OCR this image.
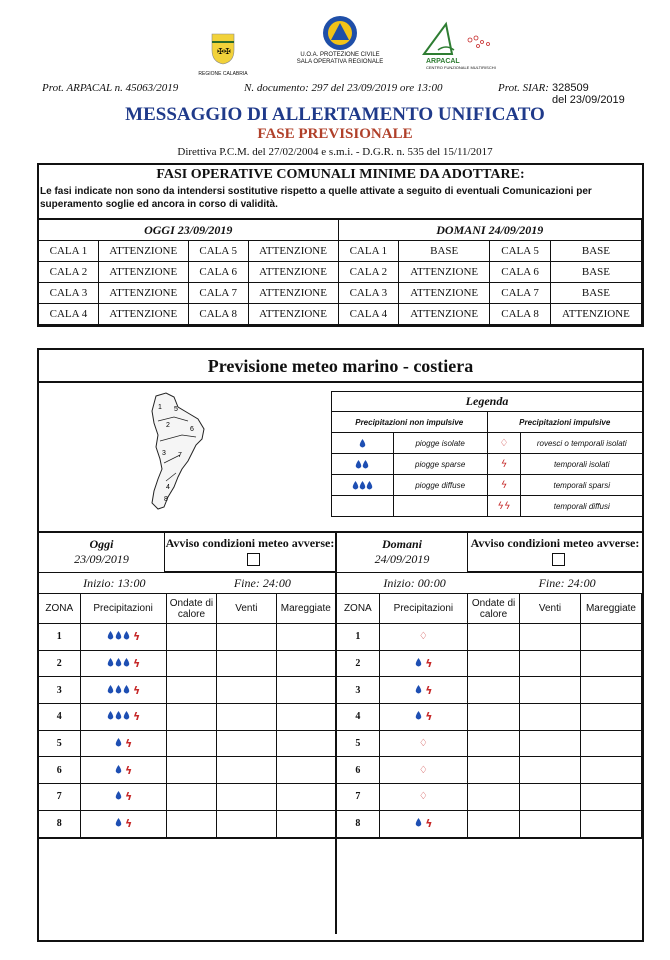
✠ ✠
REGIONE CALABRIA
U.O.A. PROTEZIONE CIVILE
SALA OPERATIVA REGIONALE	ARPACAL
CENTRO FUNZIONALE MULTIRISCHI
Prot. ARPACAL n. 45063/2019	N. documento: 297 del 23/09/2019 ore 13:00	Prot. SIAR: 328509
del 23/09/2019
MESSAGGIO DI ALLERTAMENTO UNIFICATO
FASE PREVISIONALE
Direttiva P.C.M. del 27/02/2004 e s.m.i. - D.G.R. n. 535 del 15/11/2017
FASI OPERATIVE COMUNALI MINIME DA ADOTTARE:
Le fasi indicate non sono da intendersi sostitutive rispetto a quelle attivate a seguito di eventuali Comunicazioni per superamento soglie ed ancora in corso di validità.
OGGI 23/09/2019			
CALA 1	ATTENZIONE	CALA 5	ATTENZIONE
CALA 2	ATTENZIONE	CALA 6	ATTENZIONE
CALA 3	ATTENZIONE	CALA 7	ATTENZIONE
CALA 4	ATTENZIONE	CALA 8	ATTENZIONE
DOMANI 24/09/2019			
CALA 1	BASE	CALA 5	BASE
CALA 2	ATTENZIONE	CALA 6	BASE
CALA 3	ATTENZIONE	CALA 7	BASE
CALA 4	ATTENZIONE	CALA 8	ATTENZIONE
Previsione meteo marino - costiera
1
2
3
4
5
6
7
8
Legenda	
Precipitazioni non impulsive	Precipitazioni impulsive

piogge isolate	♢ rovesci o temporali isolati

piogge sparse	ϟ temporali isolati

piogge diffuse	ϟ temporali sparsi

	ϟϟ temporali diffusi
Oggi
23/09/2019
Avviso condizioni meteo avverse:
Inizio: 13:00	Fine: 24:00
ZONA	Precipitazioni	Ondate di calore	Venti	Mareggiate
1	ϟ			
2	ϟ			
3	ϟ			
4	ϟ			
5	ϟ			
6	ϟ			
7	ϟ			
8	ϟ			
Domani
24/09/2019
Avviso condizioni meteo avverse:
Inizio: 00:00	Fine: 24:00
ZONA	Precipitazioni	Ondate di calore	Venti	Mareggiate
1	♢			
2	ϟ			
3	ϟ			
4	ϟ			
5	♢			
6	♢			
7	♢			
8	ϟ			
